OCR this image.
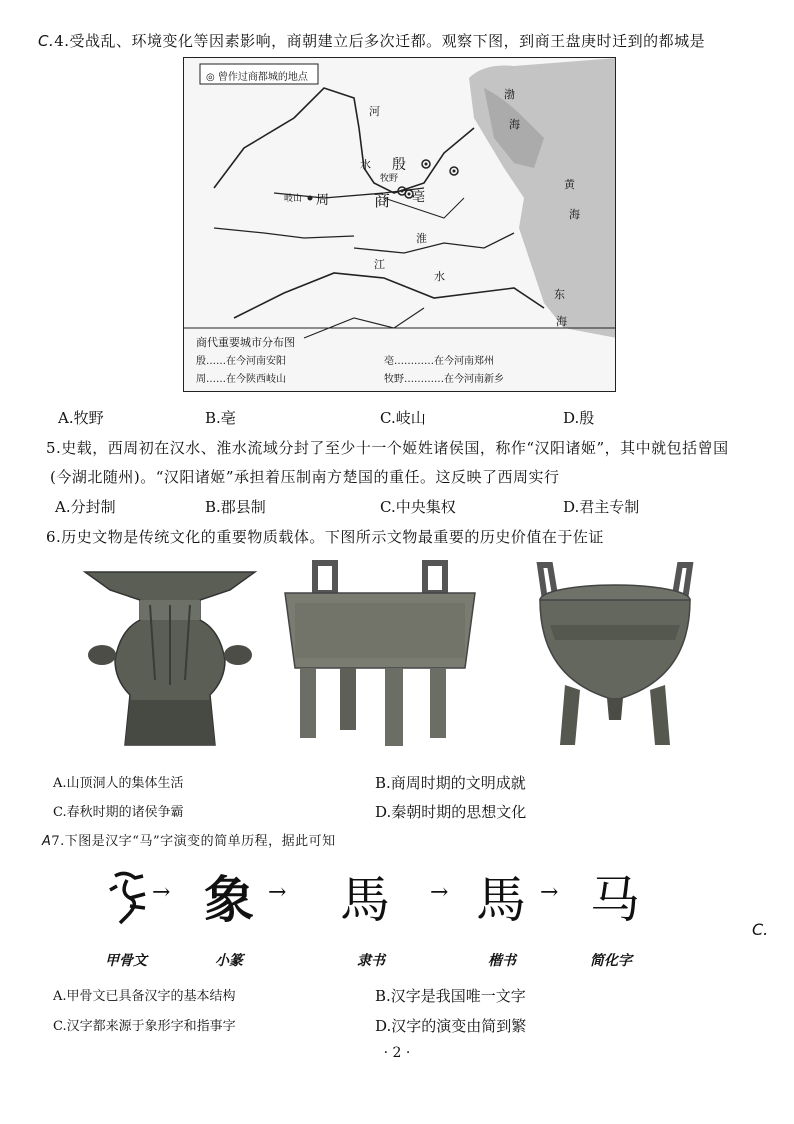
C.4.受战乱、环境变化等因素影响，商朝建立后多次迁都。观察下图，到商王盘庚时迁到的都城是
◎ 曾作过商都城的地点
河
水 殷
牧野
岐山 周	商 亳
淮
水
江
渤
海
黄
海
东
海
商代重要城市分布图
殷……在今河南安阳	亳…………在今河南郑州
周……在今陕西岐山	牧野…………在今河南新乡
A.牧野	B.亳	C.岐山	D.殷
5.史载，西周初在汉水、淮水流域分封了至少十一个姬姓诸侯国，称作“汉阳诸姬”，其中就包括曾国
(今湖北随州)。“汉阳诸姬”承担着压制南方楚国的重任。这反映了西周实行
A.分封制	B.郡县制	C.中央集权	D.君主专制
6.历史文物是传统文化的重要物质载体。下图所示文物最重要的历史价值在于佐证
A.山顶洞人的集体生活	B.商周时期的文明成就
C.春秋时期的诸侯争霸	D.秦朝时期的思想文化
A7.下图是汉字“马”字演变的简单历程，据此可知
→ 象 → 馬 → 馬 → 马
C.
甲骨文	小篆	隶书	楷书	简化字
A.甲骨文已具备汉字的基本结构	B.汉字是我国唯一文字
C.汉字都来源于象形字和指事字	D.汉字的演变由简到繁
· 2 ·
